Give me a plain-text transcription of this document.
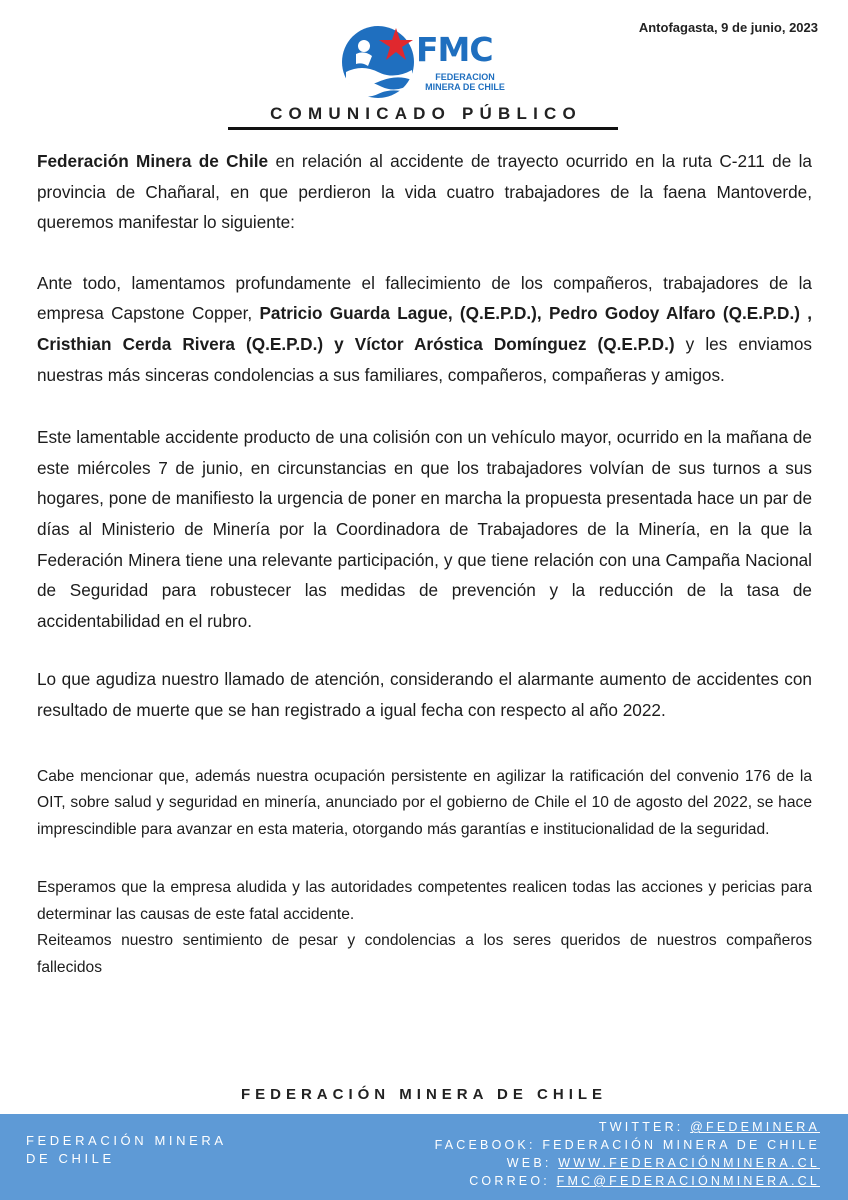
Antofagasta, 9 de junio, 2023
FMC
FEDERACION
MINERA DE CHILE
COMUNICADO PÚBLICO

Federación Minera de Chile en relación al accidente de trayecto ocurrido en la ruta C-211 de la provincia de Chañaral, en que perdieron la vida cuatro trabajadores de la faena Mantoverde, queremos manifestar lo siguiente:

Ante todo, lamentamos profundamente el fallecimiento de los compañeros, trabajadores de la empresa Capstone Copper, Patricio Guarda Lague, (Q.E.P.D.), Pedro Godoy Alfaro (Q.E.P.D.) , Cristhian Cerda Rivera (Q.E.P.D.) y Víctor Aróstica Domínguez (Q.E.P.D.) y les enviamos nuestras más sinceras condolencias a sus familiares, compañeros, compañeras y amigos.

Este lamentable accidente producto de una colisión con un vehículo mayor, ocurrido en la mañana de este miércoles 7 de junio, en circunstancias en que los trabajadores volvían de sus turnos a sus hogares, pone de manifiesto la urgencia de poner en marcha la propuesta presentada hace un par de días al Ministerio de Minería por la Coordinadora de Trabajadores de la Minería, en la que la Federación Minera tiene una relevante participación, y que tiene relación con una Campaña Nacional de Seguridad para robustecer las medidas de prevención y la reducción de la tasa de accidentabilidad en el rubro.

Lo que agudiza nuestro llamado de atención, considerando el alarmante aumento de accidentes con resultado de muerte que se han registrado a igual fecha con respecto al año 2022.

Cabe mencionar que, además nuestra ocupación persistente en agilizar la ratificación del convenio 176 de la OIT, sobre salud y seguridad en minería, anunciado por el gobierno de Chile el 10 de agosto del 2022, se hace imprescindible para avanzar en esta materia, otorgando más garantías e institucionalidad de la seguridad.

Esperamos que la empresa aludida y las autoridades competentes realicen todas las acciones y pericias para determinar las causas de este fatal accidente.

Reiteamos nuestro sentimiento de pesar y condolencias a los seres queridos de nuestros compañeros fallecidos

FEDERACIÓN MINERA DE CHILE
FEDERACIÓN MINERA
DE CHILE
TWITTER: @FEDEMINERA
FACEBOOK: FEDERACIÓN MINERA DE CHILE
WEB: WWW.FEDERACIÓNMINERA.CL
CORREO: FMC@FEDERACIONMINERA.CL
